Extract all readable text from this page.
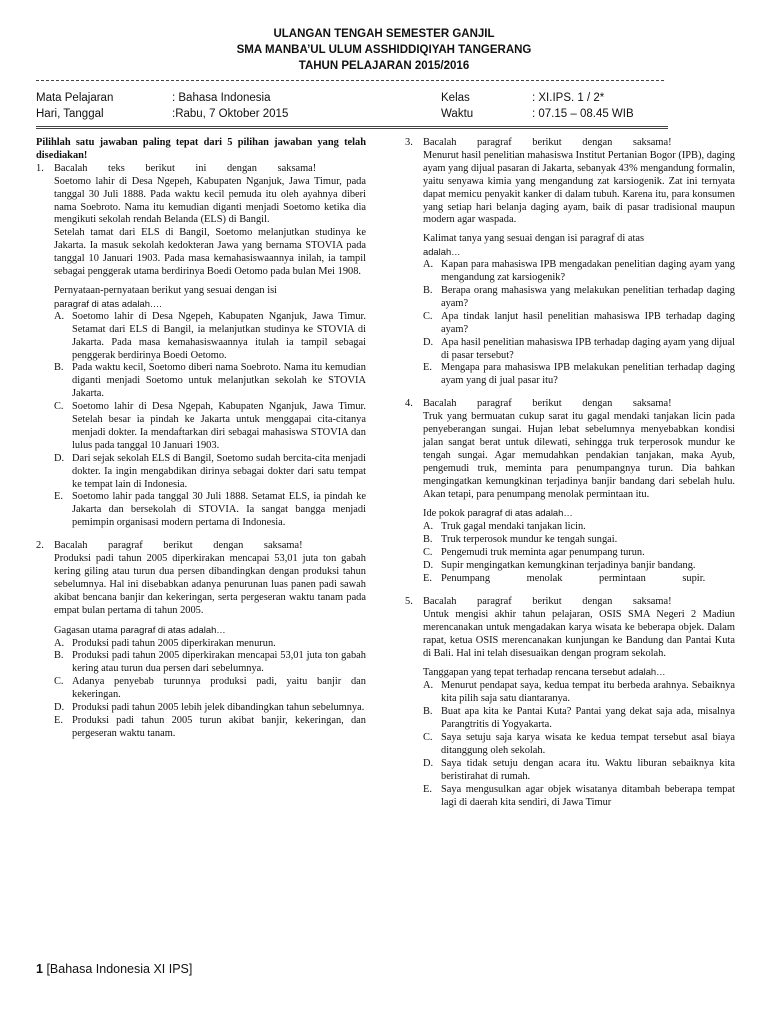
ULANGAN TENGAH SEMESTER GANJIL
SMA MANBA’UL ULUM ASSHIDDIQIYAH TANGERANG
TAHUN PELAJARAN 2015/2016
Mata Pelajaran	: Bahasa Indonesia	Kelas	: XI.IPS. 1 / 2*
Hari, Tanggal	:Rabu, 7 Oktober 2015	Waktu	: 07.15 – 08.45 WIB

Pilihlah satu jawaban paling tepat dari 5 pilihan jawaban yang telah disediakan!

1. Bacalah teks berikut ini dengan saksama!

Soetomo lahir di Desa Ngepeh, Kabupaten Nganjuk, Jawa Timur, pada tanggal 30 Juli 1888. Pada waktu kecil pemuda itu oleh ayahnya diberi nama Soebroto. Nama itu kemudian diganti menjadi Soetomo ketika dia mengikuti sekolah rendah Belanda (ELS) di Bangil.

Setelah tamat dari ELS di Bangil, Soetomo melanjutkan studinya ke Jakarta. Ia masuk sekolah kedokteran Jawa yang bernama STOVIA pada tanggal 10 Januari 1903. Pada masa kemahasiswaannya inilah, ia tampil sebagai penggerak utama berdirinya Boedi Oetomo pada bulan Mei 1908.

Pernyataan-pernyataan berikut yang sesuai dengan isi

paragraf di atas adalah….

A. Soetomo lahir di Desa Ngepeh, Kabupaten Nganjuk, Jawa Timur. Setamat dari ELS di Bangil, ia melanjutkan studinya ke STOVIA di Jakarta. Pada masa kemahasiswaannya itulah ia tampil sebagai penggerak berdirinya Boedi Oetomo.

B. Pada waktu kecil, Soetomo diberi nama Soebroto. Nama itu kemudian diganti menjadi Soetomo untuk melanjutkan sekolah ke STOVIA Jakarta.

C. Soetomo lahir di Desa Ngepah, Kabupaten Nganjuk, Jawa Timur. Setelah besar ia pindah ke Jakarta untuk menggapai cita-citanya menjadi dokter. Ia mendaftarkan diri sebagai mahasiswa STOVIA dan lulus pada tanggal 10 Januari 1903.

D. Dari sejak sekolah ELS di Bangil, Soetomo sudah bercita-cita menjadi dokter. Ia ingin mengabdikan dirinya sebagai dokter dari satu tempat ke tempat lain di Indonesia.

E. Soetomo lahir pada tanggal 30 Juli 1888. Setamat ELS, ia pindah ke Jakarta dan bersekolah di STOVIA. Ia sangat bangga menjadi pemimpin organisasi modern pertama di Indonesia.

2. Bacalah paragraf berikut dengan saksama!

Produksi padi tahun 2005 diperkirakan mencapai 53,01 juta ton gabah kering giling atau turun dua persen dibandingkan dengan produksi tahun sebelumnya. Hal ini disebabkan adanya penurunan luas panen padi sawah akibat bencana banjir dan kekeringan, serta pergeseran waktu tanam pada empat bulan pertama di tahun 2005.

Gagasan utama paragraf di atas adalah…

A. Produksi padi tahun 2005 diperkirakan menurun.

B. Produksi padi tahun 2005 diperkirakan mencapai 53,01 juta ton gabah kering atau turun dua persen dari sebelumnya.

C. Adanya penyebab turunnya produksi padi, yaitu banjir dan kekeringan.

D. Produksi padi tahun 2005 lebih jelek dibandingkan tahun sebelumnya.

E. Produksi padi tahun 2005 turun akibat banjir, kekeringan, dan pergeseran waktu tanam.

3. Bacalah paragraf berikut dengan saksama!

Menurut hasil penelitian mahasiswa Institut Pertanian Bogor (IPB), daging ayam yang dijual pasaran di Jakarta, sebanyak 43% mengandung formalin, yaitu senyawa kimia yang mengandung zat karsiogenik. Zat ini ternyata dapat memicu penyakit kanker di dalam tubuh. Karena itu, para konsumen yang setiap hari belanja daging ayam, baik di pasar tradisional maupun modern agar waspada.

Kalimat tanya yang sesuai dengan isi paragraf di atas

adalah…

A. Kapan para mahasiswa IPB mengadakan penelitian daging ayam yang mengandung zat karsiogenik?

B. Berapa orang mahasiswa yang melakukan penelitian terhadap daging ayam?

C. Apa tindak lanjut hasil penelitian mahasiswa IPB terhadap daging ayam?

D. Apa hasil penelitian mahasiswa IPB terhadap daging ayam yang dijual di pasar tersebut?

E. Mengapa para mahasiswa IPB melakukan penelitian terhadap daging ayam yang di jual pasar itu?

4. Bacalah paragraf berikut dengan saksama!

Truk yang bermuatan cukup sarat itu gagal mendaki tanjakan licin pada penyeberangan sungai. Hujan lebat sebelumnya menyebabkan kondisi jalan sangat berat untuk dilewati, sehingga truk terperosok mundur ke tengah sungai. Agar memudahkan pendakian tanjakan, maka Ayub, pengemudi truk, meminta para penumpangnya turun. Dia bahkan mengingatkan kemungkinan terjadinya banjir bandang dari sebelah hulu. Akan tetapi, para penumpang menolak permintaan itu.

Ide pokok paragraf di atas adalah…

A. Truk gagal mendaki tanjakan licin.

B. Truk terperosok mundur ke tengah sungai.

C. Pengemudi truk meminta agar penumpang turun.

D. Supir mengingatkan kemungkinan terjadinya banjir bandang.

E. Penumpang menolak permintaan supir.

5. Bacalah paragraf berikut dengan saksama!

Untuk mengisi akhir tahun pelajaran, OSIS SMA Negeri 2 Madiun merencanakan untuk mengadakan karya wisata ke beberapa objek. Dalam rapat, ketua OSIS merencanakan kunjungan ke Bandung dan Pantai Kuta di Bali. Hal ini telah disesuaikan dengan program sekolah.

Tanggapan yang tepat terhadap rencana tersebut adalah…

A. Menurut pendapat saya, kedua tempat itu berbeda arahnya. Sebaiknya kita pilih saja satu diantaranya.

B. Buat apa kita ke Pantai Kuta? Pantai yang dekat saja ada, misalnya Parangtritis di Yogyakarta.

C. Saya setuju saja karya wisata ke kedua tempat tersebut asal biaya ditanggung oleh sekolah.

D. Saya tidak setuju dengan acara itu. Waktu liburan sebaiknya kita beristirahat di rumah.

E. Saya mengusulkan agar objek wisatanya ditambah beberapa tempat lagi di daerah kita sendiri, di Jawa Timur

1 [Bahasa Indonesia XI IPS]
